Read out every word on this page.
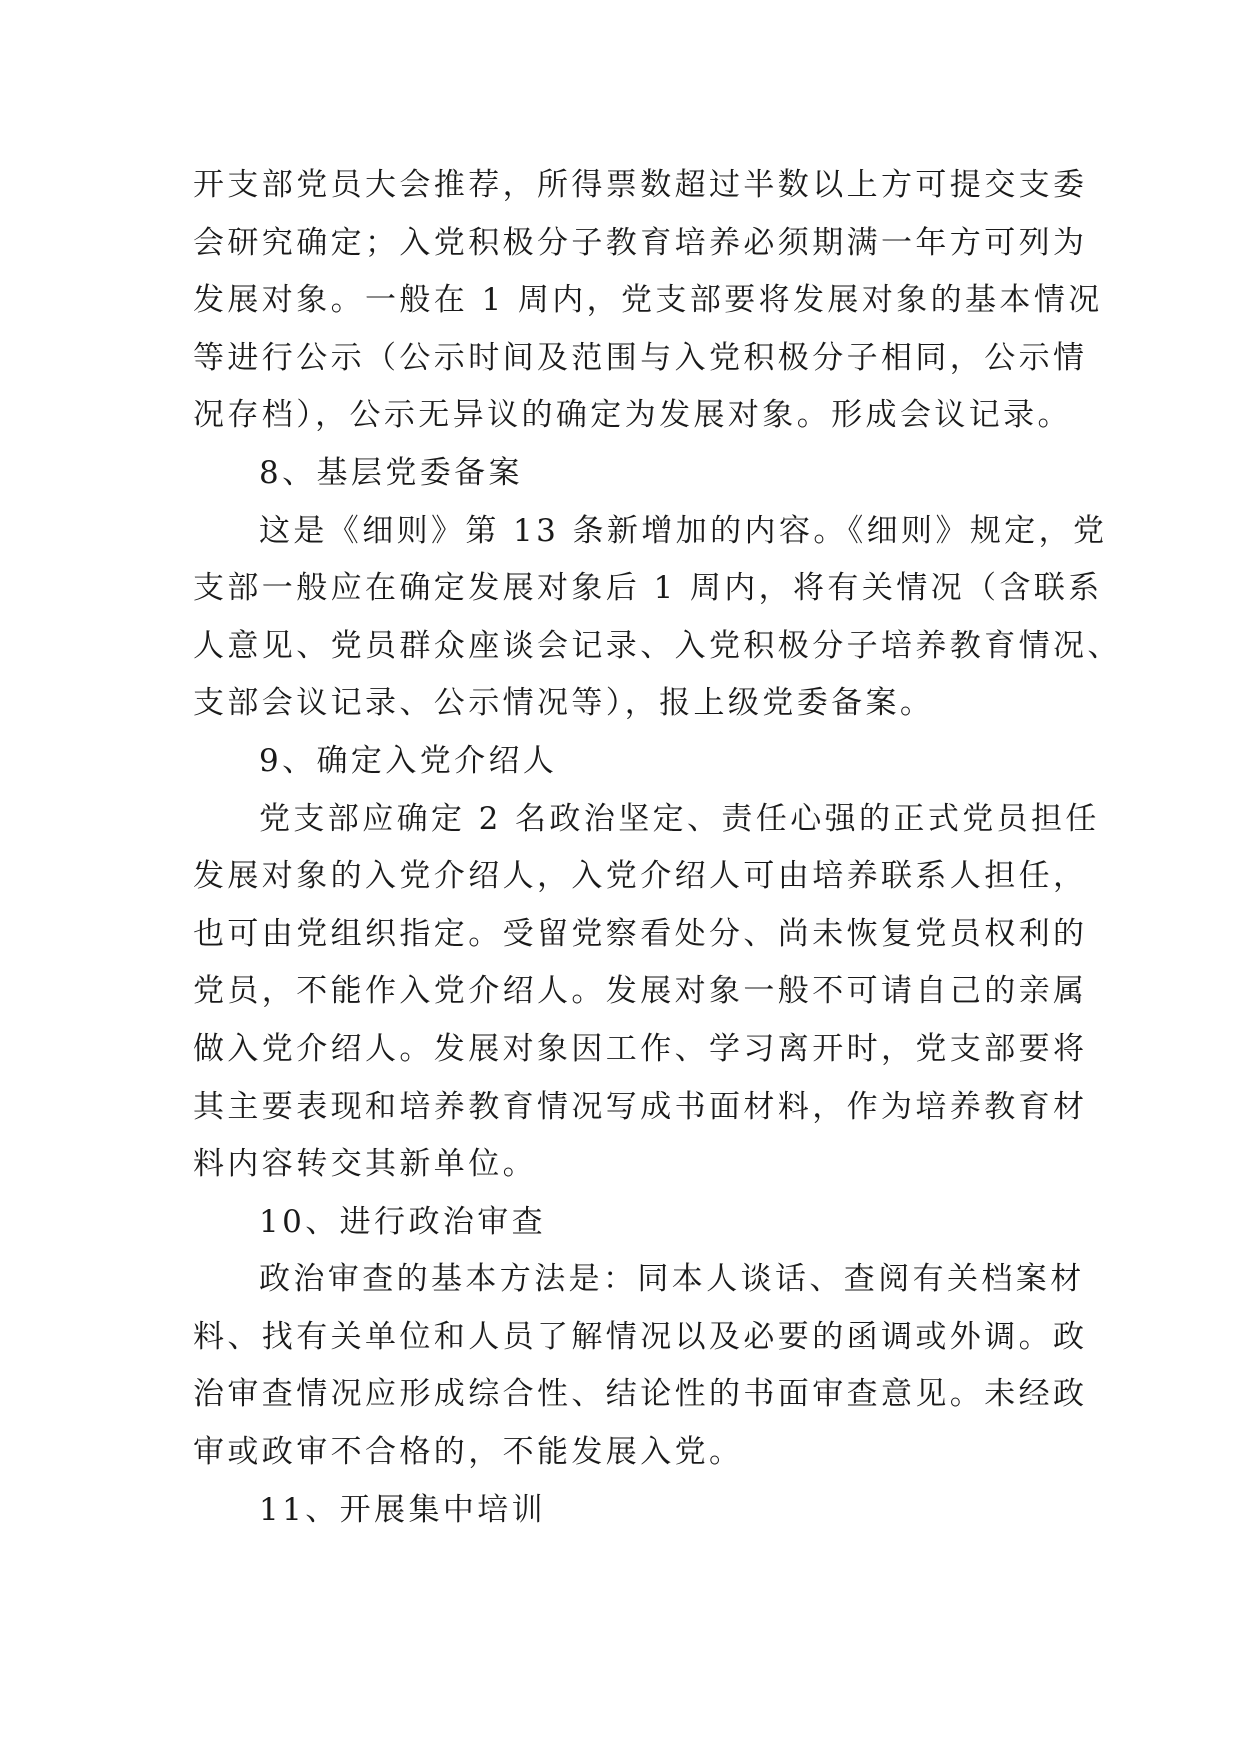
开支部党员大会推荐，所得票数超过半数以上方可提交支委
会研究确定；入党积极分子教育培养必须期满一年方可列为
发展对象。一般在 1 周内，党支部要将发展对象的基本情况
等进行公示（公示时间及范围与入党积极分子相同，公示情
况存档），公示无异议的确定为发展对象。形成会议记录。
8、基层党委备案
这是《细则》第 13 条新增加的内容。《细则》规定，党
支部一般应在确定发展对象后 1 周内，将有关情况（含联系
人意见、党员群众座谈会记录、入党积极分子培养教育情况、
支部会议记录、公示情况等），报上级党委备案。
9、确定入党介绍人
党支部应确定 2 名政治坚定、责任心强的正式党员担任
发展对象的入党介绍人，入党介绍人可由培养联系人担任，
也可由党组织指定。受留党察看处分、尚未恢复党员权利的
党员，不能作入党介绍人。发展对象一般不可请自己的亲属
做入党介绍人。发展对象因工作、学习离开时，党支部要将
其主要表现和培养教育情况写成书面材料，作为培养教育材
料内容转交其新单位。
10、进行政治审查
政治审查的基本方法是：同本人谈话、查阅有关档案材
料、找有关单位和人员了解情况以及必要的函调或外调。政
治审查情况应形成综合性、结论性的书面审查意见。未经政
审或政审不合格的，不能发展入党。
11、开展集中培训
